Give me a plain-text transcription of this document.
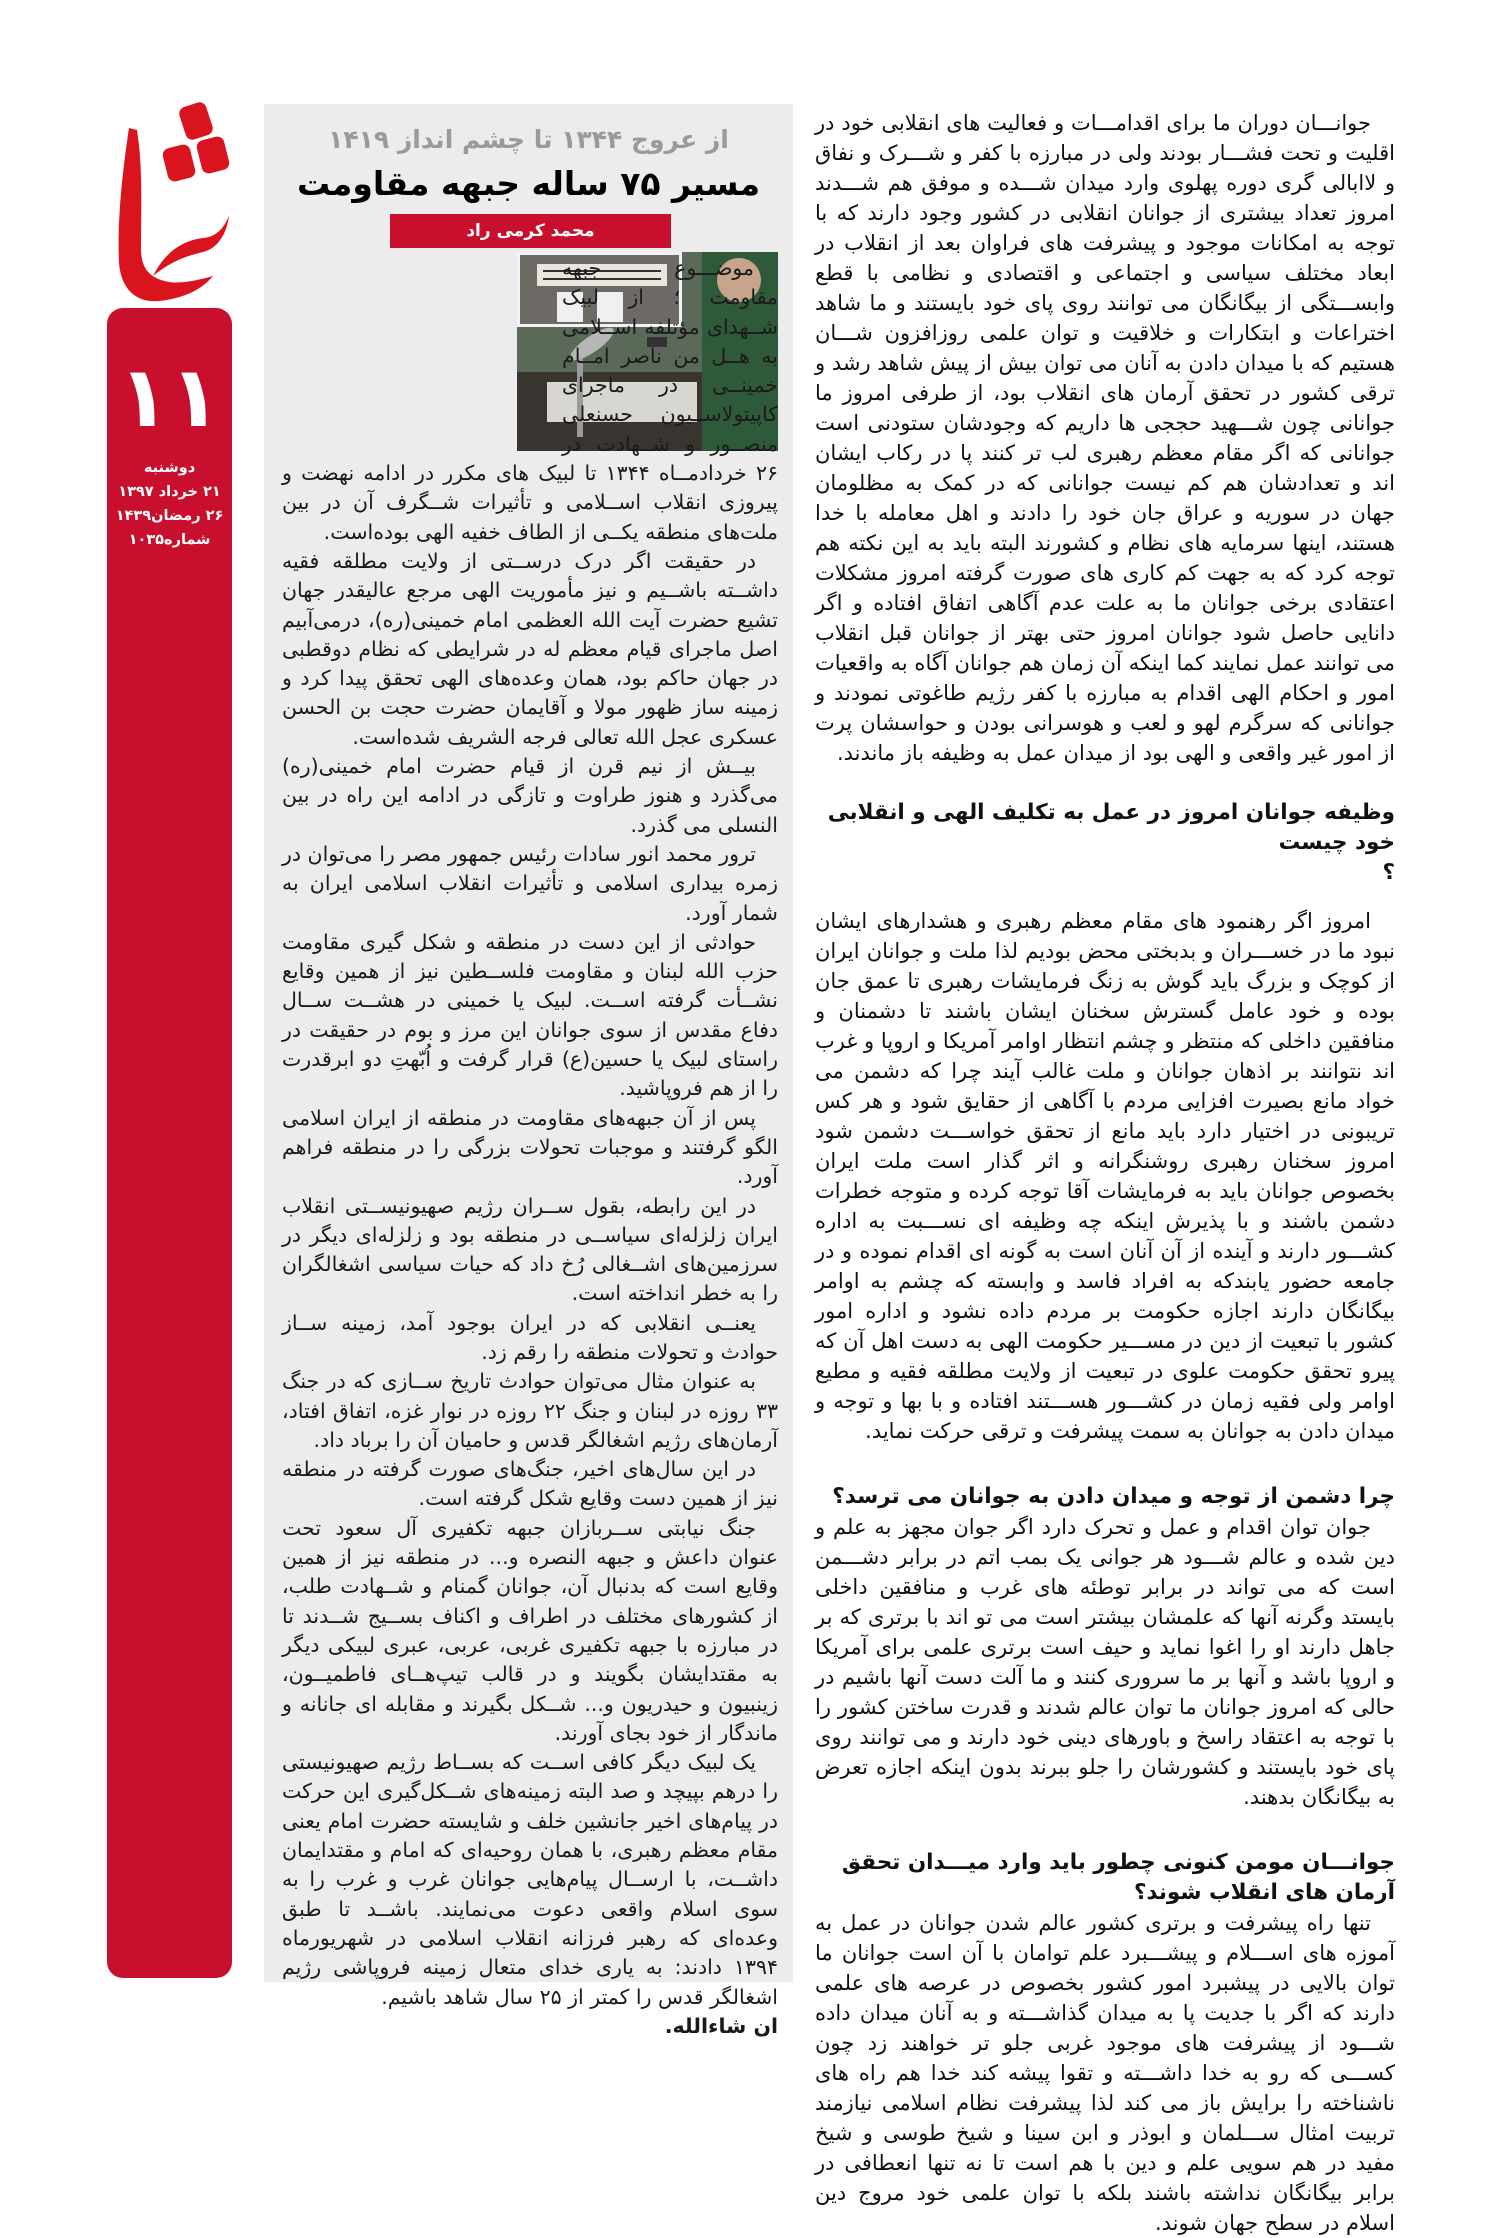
۱۱
دوشنبه
۲۱ خرداد ۱۳۹۷
۲۶ رمضان۱۴۳۹
شماره۱۰۳۵
از عروج ۱۳۴۴ تا چشم انداز ۱۴۱۹
مسیر ۷۵ ساله جبهه مقاومت
محمد کرمی راد

موضـــوع جبهه مقاومت ؛ از لبیک شــهدای مؤتلفه اســلامی به هــل من ناصر امــام خمینــی در ماجرای کاپیتولاســیون حسنعلی منصــور و شــهادت در ۲۶ خردادمــاه ۱۳۴۴ تا لبیک های مکرر در ادامه نهضت و پیروزی انقلاب اســلامی و تأثیرات شــگرف آن در بین ملت‌های منطقه یکــی از الطاف خفیه الهی بوده‌است.

در حقیقت اگر درک درســتی از ولایت مطلقه فقیه داشــته باشــیم و نیز مأموریت الهی مرجع عالیقدر جهان تشیع حضرت آیت الله العظمی امام خمینی(ره)، درمی‌آبیم اصل ماجرای قیام معظم له در شرایطی که نظام دوقطبی در جهان حاکم بود، همان وعده‌های الهی تحقق پیدا کرد و زمینه ساز ظهور مولا و آقایمان حضرت حجت بن الحسن عسکری عجل الله تعالی فرجه الشریف شده‌است.

بیــش از نیم قرن از قیام حضرت امام خمینی(ره) می‌گذرد و هنوز طراوت و تازگی در ادامه این راه در بین النسلی می گذرد.

ترور محمد انور سادات رئیس جمهور مصر را می‌توان در زمره بیداری اسلامی و تأثیرات انقلاب اسلامی ایران به شمار آورد.

حوادثی از این دست در منطقه و شکل گیری مقاومت حزب الله لبنان و مقاومت فلســطین نیز از همین وقایع نشــأت گرفته اســت. لبیک یا خمینی در هشــت ســال دفاع مقدس از سوی جوانان این مرز و بوم در حقیقت در راستای لبیک یا حسین(ع) قرار گرفت و اُبّهتِ دو ابرقدرت را از هم فروپاشید.

پس از آن جبهه‌های مقاومت در منطقه از ایران اسلامی الگو گرفتند و موجبات تحولات بزرگی را در منطقه فراهم آورد.

در این رابطه، بقول ســران رژیم صهیونیســتی انقلاب ایران زلزله‌ای سیاســی در منطقه بود و زلزله‌ای دیگر در سرزمین‌های اشــغالی رُخ داد که حیات سیاسی اشغالگران را به خطر انداخته است.

یعنــی انقلابی که در ایران بوجود آمد، زمینه ســاز حوادث و تحولات منطقه را رقم زد.

به عنوان مثال می‌توان حوادث تاریخ ســازی که در جنگ ۳۳ روزه در لبنان و جنگ ۲۲ روزه در نوار غزه، اتفاق افتاد، آرمان‌های رژیم اشغالگر قدس و حامیان آن را برباد داد.

در این سال‌های اخیر، جنگ‌های صورت گرفته در منطقه نیز از همین دست وقایع شکل گرفته است.

جنگ نیابتی ســربازان جبهه تکفیری آل سعود تحت عنوان داعش و جبهه النصره و... در منطقه نیز از همین وقایع است که بدنبال آن، جوانان گمنام و شــهادت طلب، از کشورهای مختلف در اطراف و اکناف بســیج شــدند تا در مبارزه با جبهه تکفیری غربی، عربی، عبری لبیکی دیگر به مقتدایشان بگویند و در قالب تیپ‌هــای فاطمیــون، زینبیون و حیدریون و... شــکل بگیرند و مقابله ای جانانه و ماندگار از خود بجای آورند.

یک لبیک دیگر کافی اســت که بســاط رژیم صهیونیستی را درهم بپیچد و صد البته زمینه‌های شــکل‌گیری این حرکت در پیام‌های اخیر جانشین خلف و شایسته حضرت امام یعنی مقام معظم رهبری، با همان روحیه‌ای که امام و مقتدایمان داشــت، با ارســال پیام‌هایی جوانان غرب و غرب را به سوی اسلام واقعی دعوت می‌نمایند. باشــد تا طبق وعده‌ای که رهبر فرزانه انقلاب اسلامی در شهریورماه ۱۳۹۴ دادند: به یاری خدای متعال زمینه فروپاشی رژیم اشغالگر قدس را کمتر از ۲۵ سال شاهد باشیم.

ان شاءالله.

جوانـــان دوران ما برای اقدامـــات و فعالیت های انقلابی خود در اقلیت و تحت فشـــار بودند ولی در مبارزه با کفر و شـــرک و نفاق و لاابالی گری دوره پهلوی وارد میدان شـــده و موفق هم شـــدند امروز تعداد بیشتری از جوانان انقلابی در کشور وجود دارند که با توجه به امکانات موجود و پیشرفت های فراوان بعد از انقلاب در ابعاد مختلف سیاسی و اجتماعی و اقتصادی و نظامی با قطع وابســـتگی از بیگانگان می توانند روی پای خود بایستند و ما شاهد اختراعات و ابتکارات و خلاقیت و توان علمی روزافزون شـــان هستیم که با میدان دادن به آنان می توان بیش از پیش شاهد رشد و ترقی کشور در تحقق آرمان های انقلاب بود، از طرفی امروز ما جوانانی چون شـــهید حججی ها داریم که وجودشان ستودنی است جوانانی که اگر مقام معظم رهبری لب تر کنند پا در رکاب ایشان اند و تعدادشان هم کم نیست جوانانی که در کمک به مظلومان جهان در سوریه و عراق جان خود را دادند و اهل معامله با خدا هستند، اینها سرمایه های نظام و کشورند البته باید به این نکته هم توجه کرد که به جهت کم کاری های صورت گرفته امروز مشکلات اعتقادی برخی جوانان ما به علت عدم آگاهی اتفاق افتاده و اگر دانایی حاصل شود جوانان امروز حتی بهتر از جوانان قبل انقلاب می توانند عمل نمایند کما اینکه آن زمان هم جوانان آگاه به واقعیات امور و احکام الهی اقدام به مبارزه با کفر رژیم طاغوتی نمودند و جوانانی که سرگرم لهو و لعب و هوسرانی بودن و حواسشان پرت از امور غیر واقعی و الهی بود از میدان عمل به وظیفه باز ماندند.

وظیفه جوانان امروز در عمل به تکلیف الهی و انقلابی خود چیست
؟

امروز اگر رهنمود های مقام معظم رهبری و هشدارهای ایشان نبود ما در خســـران و بدبختی محض بودیم لذا ملت و جوانان ایران از کوچک و بزرگ باید گوش به زنگ فرمایشات رهبری تا عمق جان بوده و خود عامل گسترش سخنان ایشان باشند تا دشمنان و منافقین داخلی که منتظر و چشم انتظار اوامر آمریکا و اروپا و غرب اند نتوانند بر اذهان جوانان و ملت غالب آیند چرا که دشمن می خواد مانع بصیرت افزایی مردم با آگاهی از حقایق شود و هر کس تریبونی در اختیار دارد باید مانع از تحقق خواســـت دشمن شود امروز سخنان رهبری روشنگرانه و اثر گذار است ملت ایران بخصوص جوانان باید به فرمایشات آقا توجه کرده و متوجه خطرات دشمن باشند و با پذیرش اینکه چه وظیفه ای نســـبت به اداره کشـــور دارند و آینده از آن آنان است به گونه ای اقدام نموده و در جامعه حضور یابندکه به افراد فاسد و وابسته که چشم به اوامر بیگانگان دارند اجازه حکومت بر مردم داده نشود و اداره امور کشور با تبعیت از دین در مســـیر حکومت الهی به دست اهل آن که پیرو تحقق حکومت علوی در تبعیت از ولایت مطلقه فقیه و مطیع اوامر ولی فقیه زمان در کشـــور هســـتند افتاده و با بها و توجه و میدان دادن به جوانان به سمت پیشرفت و ترقی حرکت نماید.

چرا دشمن از توجه و میدان دادن به جوانان می ترسد؟

جوان توان اقدام و عمل و تحرک دارد اگر جوان مجهز به علم و دین شده و عالم شـــود هر جوانی یک بمب اتم در برابر دشـــمن است که می تواند در برابر توطئه های غرب و منافقین داخلی بایستد وگرنه آنها که علمشان بیشتر است می تو اند با برتری که بر جاهل دارند او را اغوا نماید و حیف است برتری علمی برای آمریکا و اروپا باشد و آنها بر ما سروری کنند و ما آلت دست آنها باشیم در حالی که امروز جوانان ما توان عالم شدند و قدرت ساختن کشور را با توجه به اعتقاد راسخ و باورهای دینی خود دارند و می توانند روی پای خود بایستند و کشورشان را جلو ببرند بدون اینکه اجازه تعرض به بیگانگان بدهند.

جوانـــان مومن کنونی چطور باید وارد میـــدان تحقق آرمان های انقلاب شوند؟

تنها راه پیشرفت و برتری کشور عالم شدن جوانان در عمل به آموزه های اســـلام و پیشـــبرد علم توامان با آن است جوانان ما توان بالایی در پیشبرد امور کشور بخصوص در عرصه های علمی دارند که اگر با جدیت پا به میدان گذاشـــته و به آنان میدان داده شـــود از پیشرفت های موجود غربی جلو تر خواهند زد چون کســـی که رو به خدا داشـــته و تقوا پیشه کند خدا هم راه های ناشناخته را برایش باز می کند لذا پیشرفت نظام اسلامی نیازمند تربیت امثال ســـلمان و ابوذر و ابن سینا و شیخ طوسی و شیخ مفید در هم سویی علم و دین با هم است تا نه تنها انعطافی در برابر بیگانگان نداشته باشند بلکه با توان علمی خود مروج دین اسلام در سطح جهان شوند.
